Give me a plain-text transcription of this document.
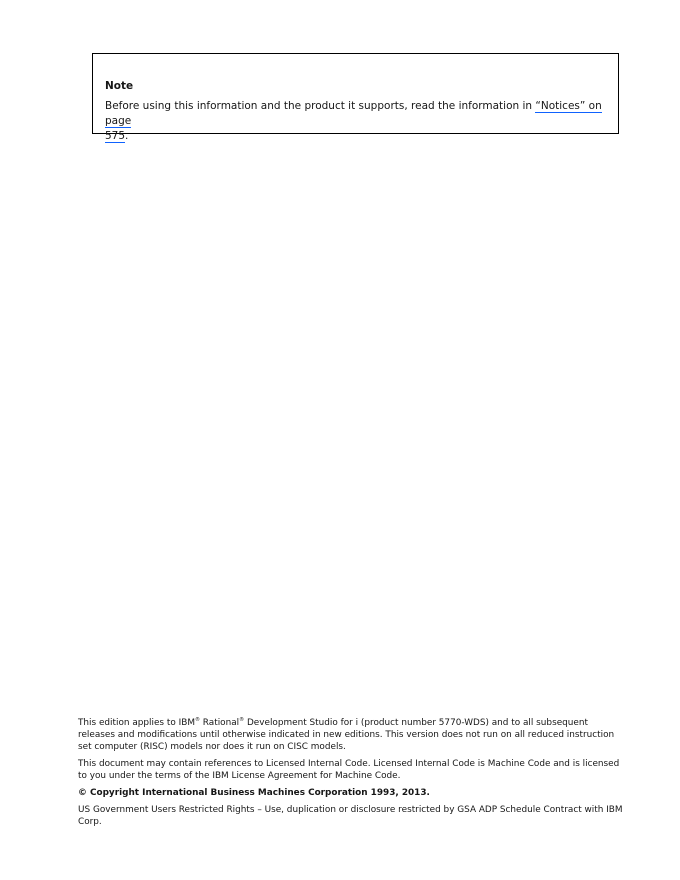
Note

Before using this information and the product it supports, read the information in “Notices” on page
575.

This edition applies to IBM® Rational® Development Studio for i (product number 5770-WDS) and to all subsequent releases and modifications until otherwise indicated in new editions. This version does not run on all reduced instruction set computer (RISC) models nor does it run on CISC models.

This document may contain references to Licensed Internal Code. Licensed Internal Code is Machine Code and is licensed to you under the terms of the IBM License Agreement for Machine Code.

© Copyright International Business Machines Corporation 1993, 2013.

US Government Users Restricted Rights – Use, duplication or disclosure restricted by GSA ADP Schedule Contract with IBM Corp.
